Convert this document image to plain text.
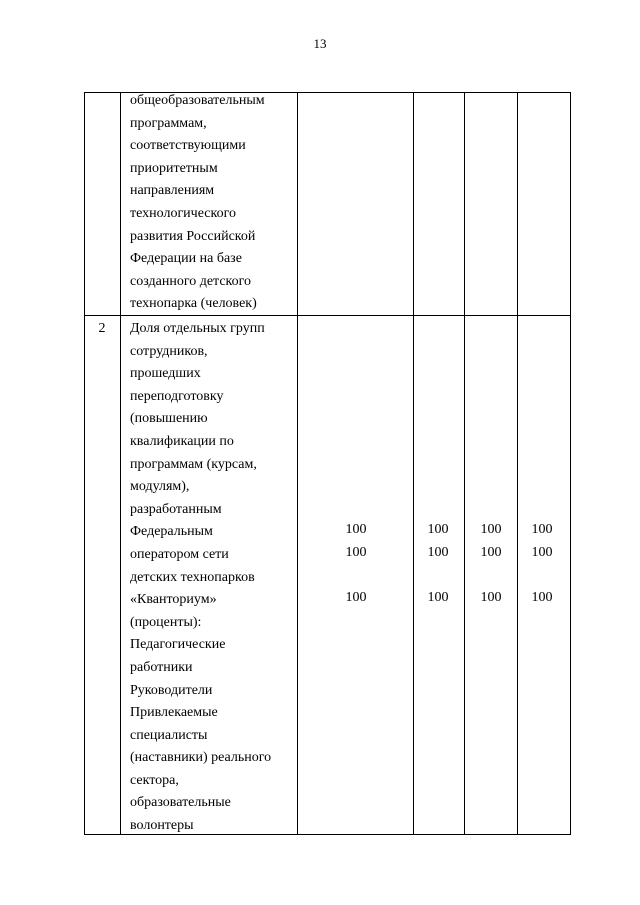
13
общеобразовательным
программам,
соответствующими
приоритетным
направлениям
технологического
развития Российской
Федерации на базе
созданного детского
технопарка (человек)
2	Доля отдельных групп
сотрудников,
прошедших
переподготовку
(повышению
квалификации по
программам (курсам,
модулям),
разработанным
Федеральным
оператором сети
детских технопарков
«Кванториум»
(проценты):
Педагогические
работники
Руководители
Привлекаемые
специалисты
(наставники) реального
сектора,
образовательные
волонтеры
100
100
100
100
100
100
100
100
100
100
100
100
